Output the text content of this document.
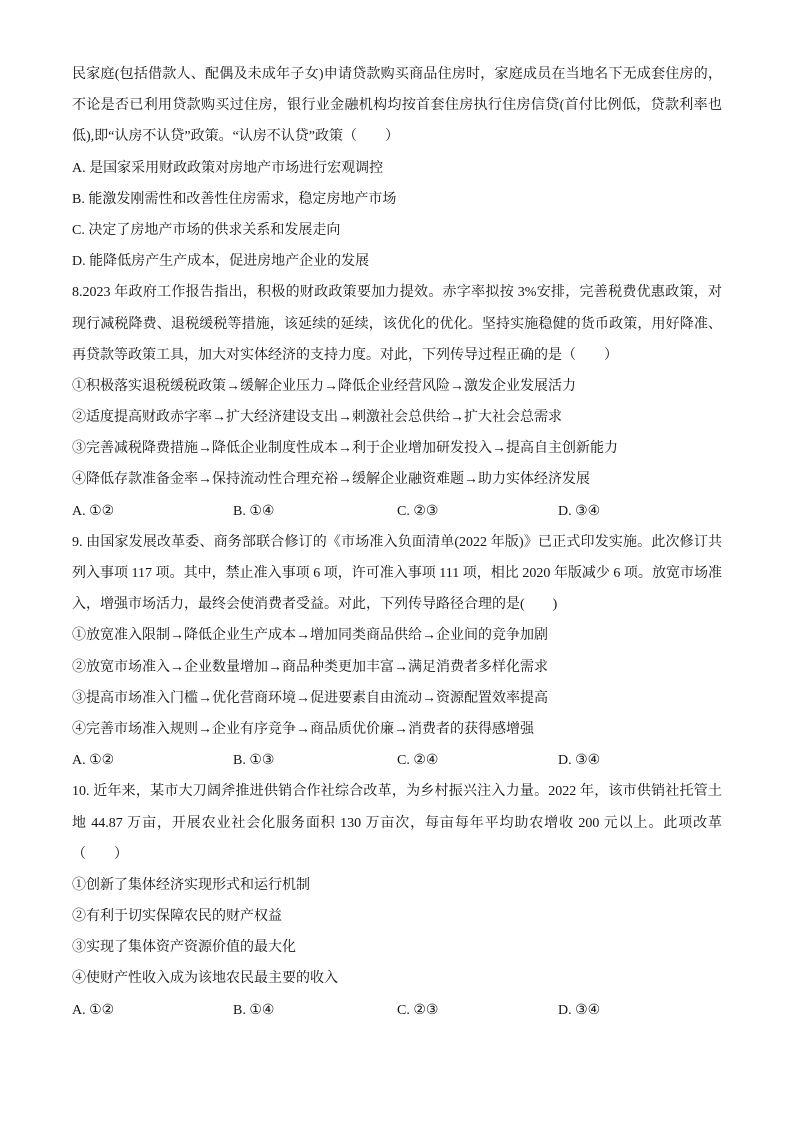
民家庭(包括借款人、配偶及未成年子女)申请贷款购买商品住房时，家庭成员在当地名下无成套住房的，
不论是否已利用贷款购买过住房，银行业金融机构均按首套住房执行住房信贷(首付比例低，贷款利率也
低),即“认房不认贷”政策。“认房不认贷”政策（　　）
A. 是国家采用财政政策对房地产市场进行宏观调控
B. 能激发刚需性和改善性住房需求，稳定房地产市场
C. 决定了房地产市场的供求关系和发展走向
D. 能降低房产生产成本，促进房地产企业的发展
8.2023 年政府工作报告指出，积极的财政政策要加力提效。赤字率拟按 3%安排，完善税费优惠政策，对
现行减税降费、退税缓税等措施，该延续的延续，该优化的优化。坚持实施稳健的货币政策，用好降准、
再贷款等政策工具，加大对实体经济的支持力度。对此，下列传导过程正确的是（　　）
①积极落实退税缓税政策→缓解企业压力→降低企业经营风险→激发企业发展活力
②适度提高财政赤字率→扩大经济建设支出→刺激社会总供给→扩大社会总需求
③完善减税降费措施→降低企业制度性成本→利于企业增加研发投入→提高自主创新能力
④降低存款准备金率→保持流动性合理充裕→缓解企业融资难题→助力实体经济发展
A. ①②	B. ①④	C. ②③	D. ③④
9. 由国家发展改革委、商务部联合修订的《市场准入负面清单(2022 年版)》已正式印发实施。此次修订共
列入事项 117 项。其中，禁止准入事项 6 项，许可准入事项 111 项，相比 2020 年版减少 6 项。放宽市场准
入，增强市场活力，最终会使消费者受益。对此，下列传导路径合理的是(　　)
①放宽准入限制→降低企业生产成本→增加同类商品供给→企业间的竞争加剧
②放宽市场准入→企业数量增加→商品种类更加丰富→满足消费者多样化需求
③提高市场准入门槛→优化营商环境→促进要素自由流动→资源配置效率提高
④完善市场准入规则→企业有序竞争→商品质优价廉→消费者的获得感增强
A. ①②	B. ①③	C. ②④	D. ③④
10. 近年来，某市大刀阔斧推进供销合作社综合改革，为乡村振兴注入力量。2022 年，该市供销社托管土
地 44.87 万亩，开展农业社会化服务面积 130 万亩次，每亩每年平均助农增收 200 元以上。此项改革
（　　）
①创新了集体经济实现形式和运行机制
②有利于切实保障农民的财产权益
③实现了集体资产资源价值的最大化
④使财产性收入成为该地农民最主要的收入
A. ①②	B. ①④	C. ②③	D. ③④
